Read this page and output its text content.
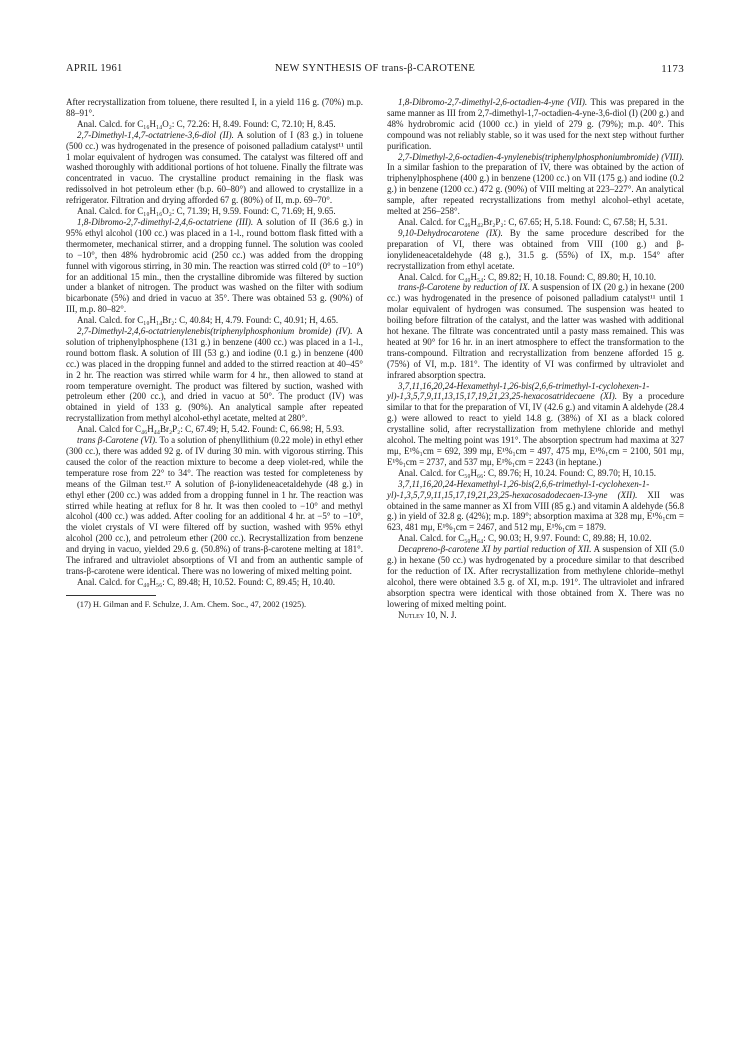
APRIL 1961	NEW SYNTHESIS OF trans-β-CAROTENE	1173

After recrystallization from toluene, there resulted I, in a yield 116 g. (70%) m.p. 88–91°.

Anal. Calcd. for C₁₆H₁₄O₂: C, 72.26: H, 8.49. Found: C, 72.10; H, 8.45.

2,7-Dimethyl-1,4,7-octatriene-3,6-diol (II). A solution of I (83 g.) in toluene (500 cc.) was hydrogenated in the presence of poisoned palladium catalyst¹¹ until 1 molar equivalent of hydrogen was consumed. The catalyst was filtered off and washed thoroughly with additional portions of hot toluene. Finally the filtrate was concentrated in vacuo. The crystalline product remaining in the flask was redissolved in hot petroleum ether (b.p. 60–80°) and allowed to crystallize in a refrigerator. Filtration and drying afforded 67 g. (80%) of II, m.p. 69–70°.

Anal. Calcd. for C₁₀H₁₆O₂: C, 71.39; H, 9.59. Found: C, 71.69; H, 9.65.

1,8-Dibromo-2,7-dimethyl-2,4,6-octatriene (III). A solution of II (36.6 g.) in 95% ethyl alcohol (100 cc.) was placed in a 1-l., round bottom flask fitted with a thermometer, mechanical stirrer, and a dropping funnel. The solution was cooled to −10°, then 48% hydrobromic acid (250 cc.) was added from the dropping funnel with vigorous stirring, in 30 min. The reaction was stirred cold (0° to −10°) for an additional 15 min., then the crystalline dibromide was filtered by suction under a blanket of nitrogen. The product was washed on the filter with sodium bicarbonate (5%) and dried in vacuo at 35°. There was obtained 53 g. (90%) of III, m.p. 80–82°.

Anal. Calcd. for C₁₀H₁₄Br₂: C, 40.84; H, 4.79. Found: C, 40.91; H, 4.65.

2,7-Dimethyl-2,4,6-octatrienylenebis(triphenylphosphonium bromide) (IV). A solution of triphenylphosphene (131 g.) in benzene (400 cc.) was placed in a 1-l., round bottom flask. A solution of III (53 g.) and iodine (0.1 g.) in benzene (400 cc.) was placed in the dropping funnel and added to the stirred reaction at 40–45° in 2 hr. The reaction was stirred while warm for 4 hr., then allowed to stand at room temperature overnight. The product was filtered by suction, washed with petroleum ether (200 cc.), and dried in vacuo at 50°. The product (IV) was obtained in yield of 133 g. (90%). An analytical sample after repeated recrystallization from methyl alcohol-ethyl acetate, melted at 280°.

Anal. Calcd for C₄₆H₄₄Br₂P₂: C, 67.49; H, 5.42. Found: C, 66.98; H, 5.93.

trans β-Carotene (VI). To a solution of phenyllithium (0.22 mole) in ethyl ether (300 cc.), there was added 92 g. of IV during 30 min. with vigorous stirring. This caused the color of the reaction mixture to become a deep violet-red, while the temperature rose from 22° to 34°. The reaction was tested for completeness by means of the Gilman test.¹⁷ A solution of β-ionylideneacetaldehyde (48 g.) in ethyl ether (200 cc.) was added from a dropping funnel in 1 hr. The reaction was stirred while heating at reflux for 8 hr. It was then cooled to −10° and methyl alcohol (400 cc.) was added. After cooling for an additional 4 hr. at −5° to −10°, the violet crystals of VI were filtered off by suction, washed with 95% ethyl alcohol (200 cc.), and petroleum ether (200 cc.). Recrystallization from benzene and drying in vacuo, yielded 29.6 g. (50.8%) of trans-β-carotene melting at 181°. The infrared and ultraviolet absorptions of VI and from an authentic sample of trans-β-carotene were identical. There was no lowering of mixed melting point.

Anal. Calcd. for C₄₀H₅₆: C, 89.48; H, 10.52. Found: C, 89.45; H, 10.40.

(17) H. Gilman and F. Schulze, J. Am. Chem. Soc., 47, 2002 (1925).

1,8-Dibromo-2,7-dimethyl-2,6-octadien-4-yne (VII). This was prepared in the same manner as III from 2,7-dimethyl-1,7-octadien-4-yne-3,6-diol (I) (200 g.) and 48% hydrobromic acid (1000 cc.) in yield of 279 g. (79%); m.p. 40°. This compound was not reliably stable, so it was used for the next step without further purification.

2,7-Dimethyl-2,6-octadien-4-ynylenebis(triphenylphosphoniumbromide) (VIII). In a similar fashion to the preparation of IV, there was obtained by the action of triphenylphosphene (400 g.) in benzene (1200 cc.) on VII (175 g.) and iodine (0.2 g.) in benzene (1200 cc.) 472 g. (90%) of VIII melting at 223–227°. An analytical sample, after repeated recrystallizations from methyl alcohol–ethyl acetate, melted at 256–258°.

Anal. Calcd. for C₄₆H₄₂Br₂P₂: C, 67.65; H, 5.18. Found: C, 67.58; H, 5.31.

9,10-Dehydrocarotene (IX). By the same procedure described for the preparation of VI, there was obtained from VIII (100 g.) and β-ionylideneacetaldehyde (48 g.), 31.5 g. (55%) of IX, m.p. 154° after recrystallization from ethyl acetate.

Anal. Calcd. for C₄₀H₅₄: C, 89.82; H, 10.18. Found: C, 89.80; H, 10.10.

trans-β-Carotene by reduction of IX. A suspension of IX (20 g.) in hexane (200 cc.) was hydrogenated in the presence of poisoned palladium catalyst¹¹ until 1 molar equivalent of hydrogen was consumed. The suspension was heated to boiling before filtration of the catalyst, and the latter was washed with additional hot hexane. The filtrate was concentrated until a pasty mass remained. This was heated at 90° for 16 hr. in an inert atmosphere to effect the transformation to the trans-compound. Filtration and recrystallization from benzene afforded 15 g. (75%) of VI, m.p. 181°. The identity of VI was confirmed by ultraviolet and infrared absorption spectra.

3,7,11,16,20,24-Hexamethyl-1,26-bis(2,6,6-trimethyl-1-cyclohexen-1-yl)-1,3,5,7,9,11,13,15,17,19,21,23,25-hexacosatridecaene (XI). By a procedure similar to that for the preparation of VI, IV (42.6 g.) and vitamin A aldehyde (28.4 g.) were allowed to react to yield 14.8 g. (38%) of XI as a black colored crystalline solid, after recrystallization from methylene chloride and methyl alcohol. The melting point was 191°. The absorption spectrum had maxima at 327 mμ, E¹%₁cm = 692, 399 mμ, E¹%₁cm = 497, 475 mμ, E¹%₁cm = 2100, 501 mμ, E¹%₁cm = 2737, and 537 mμ, E¹%₁cm = 2243 (in heptane.)

Anal. Calcd. for C₅₀H₆₆: C, 89.76; H, 10.24. Found: C, 89.70; H, 10.15.

3,7,11,16,20,24-Hexamethyl-1,26-bis(2,6,6-trimethyl-1-cyclohexen-1-yl)-1,3,5,7,9,11,15,17,19,21,23,25-hexacosadodecaen-13-yne (XII). XII was obtained in the same manner as XI from VIII (85 g.) and vitamin A aldehyde (56.8 g.) in yield of 32.8 g. (42%); m.p. 189°; absorption maxima at 328 mμ, E¹%₁cm = 623, 481 mμ, E¹%₁cm = 2467, and 512 mμ, E¹%₁cm = 1879.

Anal. Calcd. for C₅₀H₆₄: C, 90.03; H, 9.97. Found: C, 89.88; H, 10.02.

Decapreno-β-carotene XI by partial reduction of XII. A suspension of XII (5.0 g.) in hexane (50 cc.) was hydrogenated by a procedure similar to that described for the reduction of IX. After recrystallization from methylene chloride–methyl alcohol, there were obtained 3.5 g. of XI, m.p. 191°. The ultraviolet and infrared absorption spectra were identical with those obtained from X. There was no lowering of mixed melting point.

Nutley 10, N. J.
